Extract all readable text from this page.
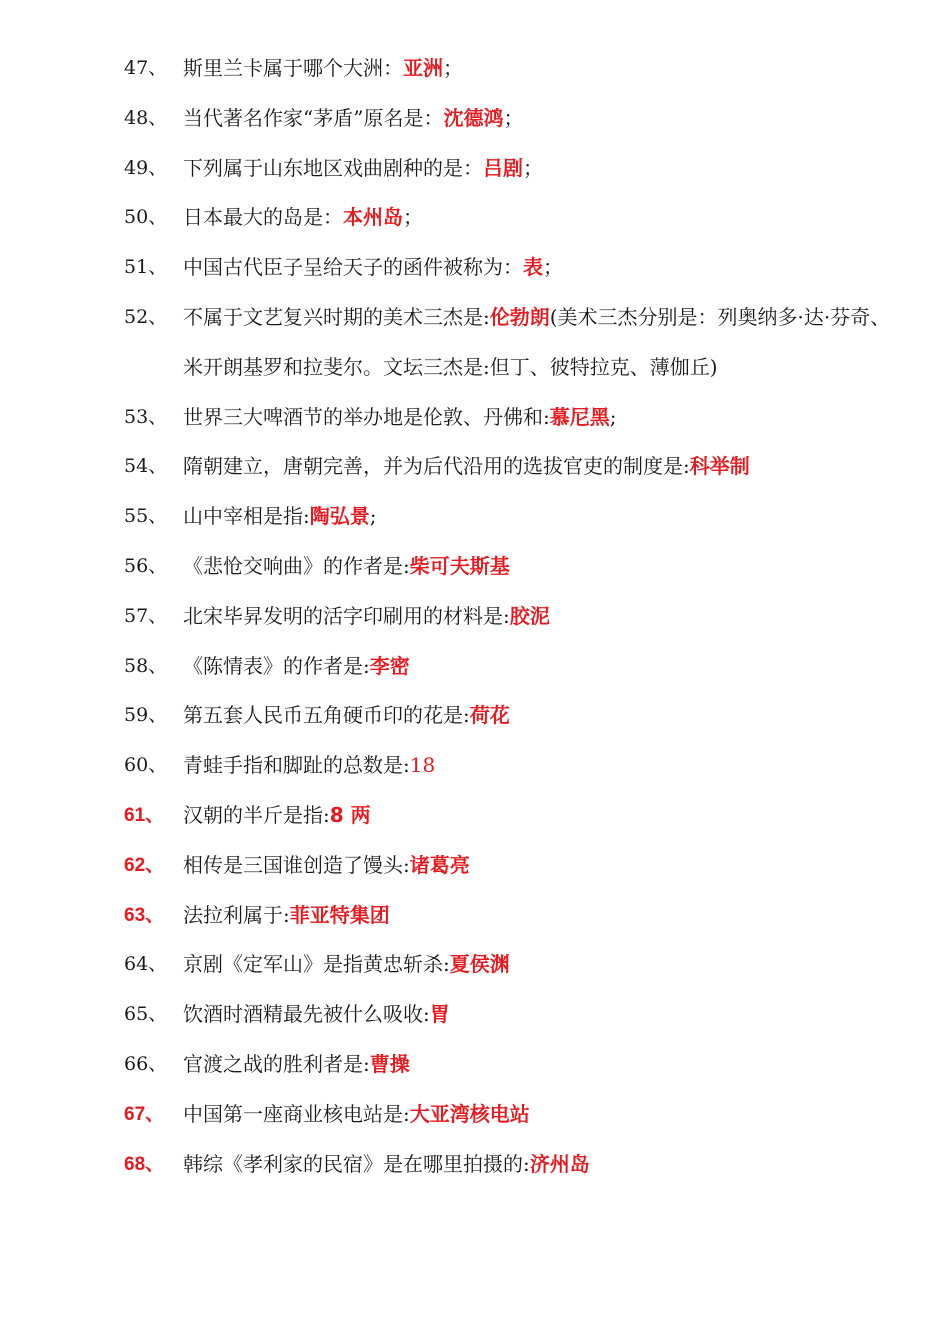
47、 斯里兰卡属于哪个大洲：亚洲；
48、 当代著名作家“茅盾”原名是：沈德鸿；
49、 下列属于山东地区戏曲剧种的是：吕剧；
50、 日本最大的岛是：本州岛；
51、 中国古代臣子呈给天子的函件被称为：表；
52、 不属于文艺复兴时期的美术三杰是:伦勃朗(美术三杰分别是：列奥纳多·达·芬奇、米开朗基罗和拉斐尔。文坛三杰是:但丁、彼特拉克、薄伽丘)
53、 世界三大啤酒节的举办地是伦敦、丹佛和:慕尼黑;
54、 隋朝建立，唐朝完善，并为后代沿用的选拔官吏的制度是:科举制
55、 山中宰相是指:陶弘景;
56、 《悲怆交响曲》的作者是:柴可夫斯基
57、 北宋毕昇发明的活字印刷用的材料是:胶泥
58、 《陈情表》的作者是:李密
59、 第五套人民币五角硬币印的花是:荷花
60、 青蛙手指和脚趾的总数是:18
61、 汉朝的半斤是指:8 两
62、 相传是三国谁创造了馒头:诸葛亮
63、 法拉利属于:菲亚特集团
64、 京剧《定军山》是指黄忠斩杀:夏侯渊
65、 饮酒时酒精最先被什么吸收:胃
66、 官渡之战的胜利者是:曹操
67、 中国第一座商业核电站是:大亚湾核电站
68、 韩综《孝利家的民宿》是在哪里拍摄的:济州岛
